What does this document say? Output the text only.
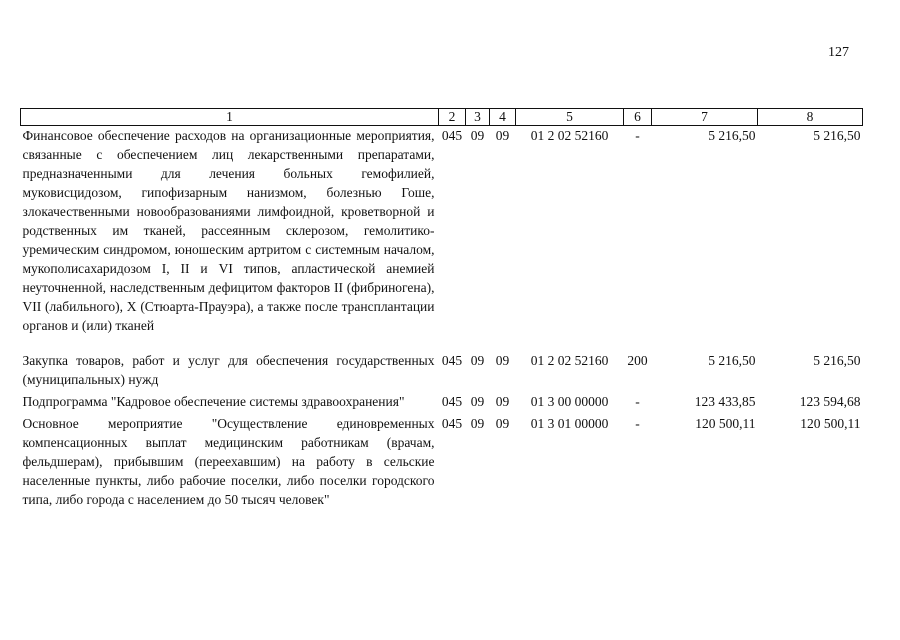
127
1	2	3	4	5	6	7	8
Финансовое обеспечение расходов на организационные мероприятия, связанные с обеспечением лиц лекарственными препаратами, предназначенными для лечения больных гемофилией, муковисцидозом, гипофизарным нанизмом, болезнью Гоше, злокачественными новообразованиями лимфоидной, кроветворной и родственных им тканей, рассеянным склерозом, гемолитико-уремическим синдромом, юношеским артритом с системным началом, мукополисахаридозом I, II и VI типов, апластической анемией неуточненной, наследственным дефицитом факторов II (фибриногена), VII (лабильного), X (Стюарта-Прауэра), а также после трансплантации органов и (или) тканей	045	09	09	01 2 02 52160	-	5 216,50	5 216,50
Закупка товаров, работ и услуг для обеспечения государственных (муниципальных) нужд	045	09	09	01 2 02 52160	200	5 216,50	5 216,50
Подпрограмма "Кадровое обеспечение системы здравоохранения"	045	09	09	01 3 00 00000	-	123 433,85	123 594,68
Основное мероприятие "Осуществление единовременных компенсационных выплат медицинским работникам (врачам, фельдшерам), прибывшим (переехавшим) на работу в сельские населенные пункты, либо рабочие поселки, либо поселки городского типа, либо города с населением до 50 тысяч человек"	045	09	09	01 3 01 00000	-	120 500,11	120 500,11
